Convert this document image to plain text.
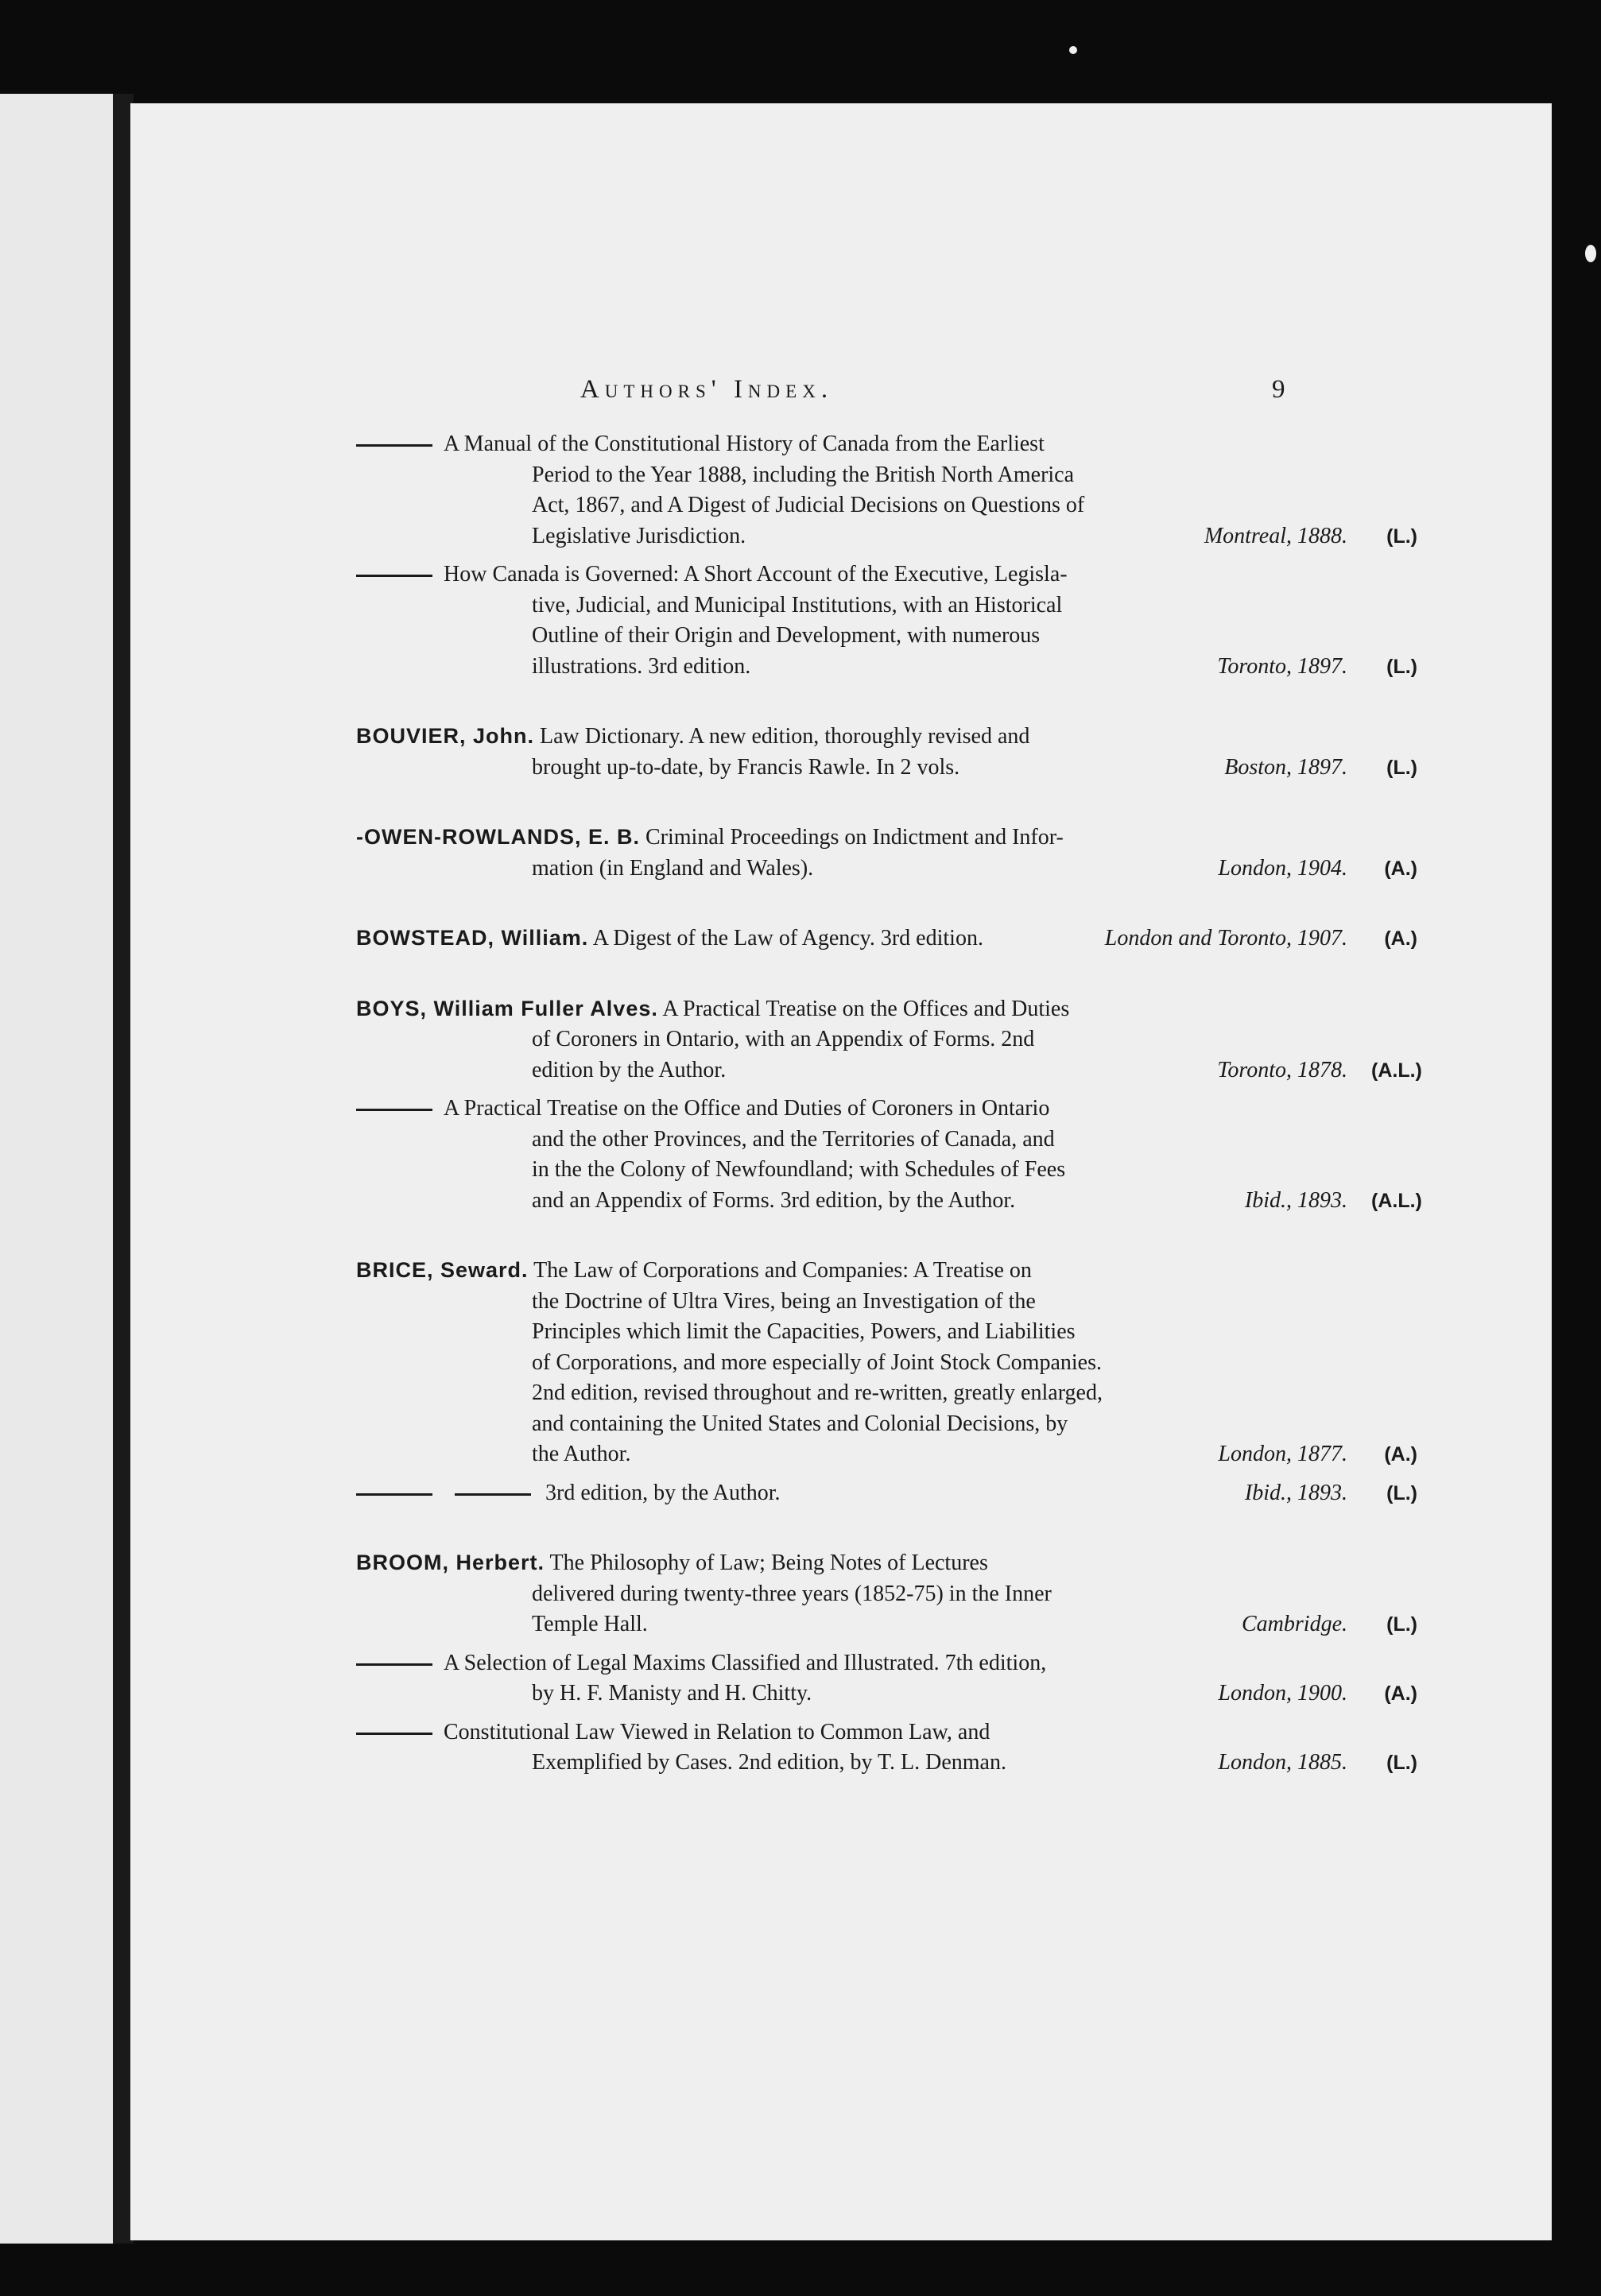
Authors' Index.	9
A Manual of the Constitutional History of Canada from the Earliest
Period to the Year 1888, including the British North America
Act, 1867, and A Digest of Judicial Decisions on Questions of
Legislative Jurisdiction.	Montreal, 1888. (L.)
How Canada is Governed: A Short Account of the Executive, Legisla-
tive, Judicial, and Municipal Institutions, with an Historical
Outline of their Origin and Development, with numerous
illustrations. 3rd edition.	Toronto, 1897. (L.)
BOUVIER, John. Law Dictionary. A new edition, thoroughly revised and
brought up-to-date, by Francis Rawle. In 2 vols.	Boston, 1897. (L.)
-OWEN-ROWLANDS, E. B. Criminal Proceedings on Indictment and Infor-
mation (in England and Wales).	London, 1904. (A.)
BOWSTEAD, William. A Digest of the Law of Agency. 3rd edition.	London and Toronto, 1907. (A.)
BOYS, William Fuller Alves. A Practical Treatise on the Offices and Duties
of Coroners in Ontario, with an Appendix of Forms. 2nd
edition by the Author.	Toronto, 1878. (A.L.)
A Practical Treatise on the Office and Duties of Coroners in Ontario
and the other Provinces, and the Territories of Canada, and
in the the Colony of Newfoundland; with Schedules of Fees
and an Appendix of Forms. 3rd edition, by the Author.	Ibid., 1893. (A.L.)
BRICE, Seward. The Law of Corporations and Companies: A Treatise on
the Doctrine of Ultra Vires, being an Investigation of the
Principles which limit the Capacities, Powers, and Liabilities
of Corporations, and more especially of Joint Stock Companies.
2nd edition, revised throughout and re-written, greatly enlarged,
and containing the United States and Colonial Decisions, by
the Author.	London, 1877. (A.)
3rd edition, by the Author.	Ibid., 1893. (L.)
BROOM, Herbert. The Philosophy of Law; Being Notes of Lectures
delivered during twenty-three years (1852-75) in the Inner
Temple Hall.	Cambridge. (L.)
A Selection of Legal Maxims Classified and Illustrated. 7th edition,
by H. F. Manisty and H. Chitty.	London, 1900. (A.)
Constitutional Law Viewed in Relation to Common Law, and
Exemplified by Cases. 2nd edition, by T. L. Denman.	London, 1885. (L.)
